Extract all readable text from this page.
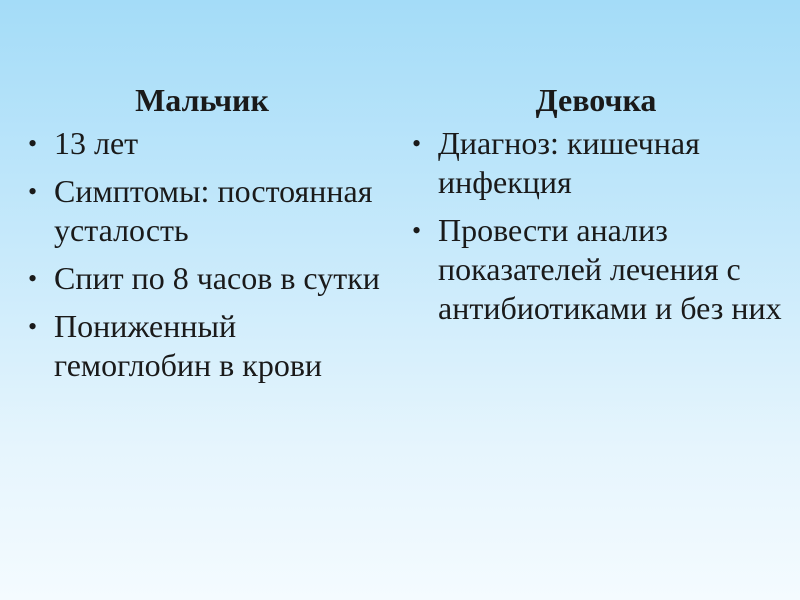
Мальчик
• 13 лет
• Симптомы: постоянная усталость
• Спит по 8 часов в сутки
• Пониженный гемоглобин в крови
Девочка
• Диагноз: кишечная инфекция
• Провести анализ показателей лечения с антибиотиками и без них
